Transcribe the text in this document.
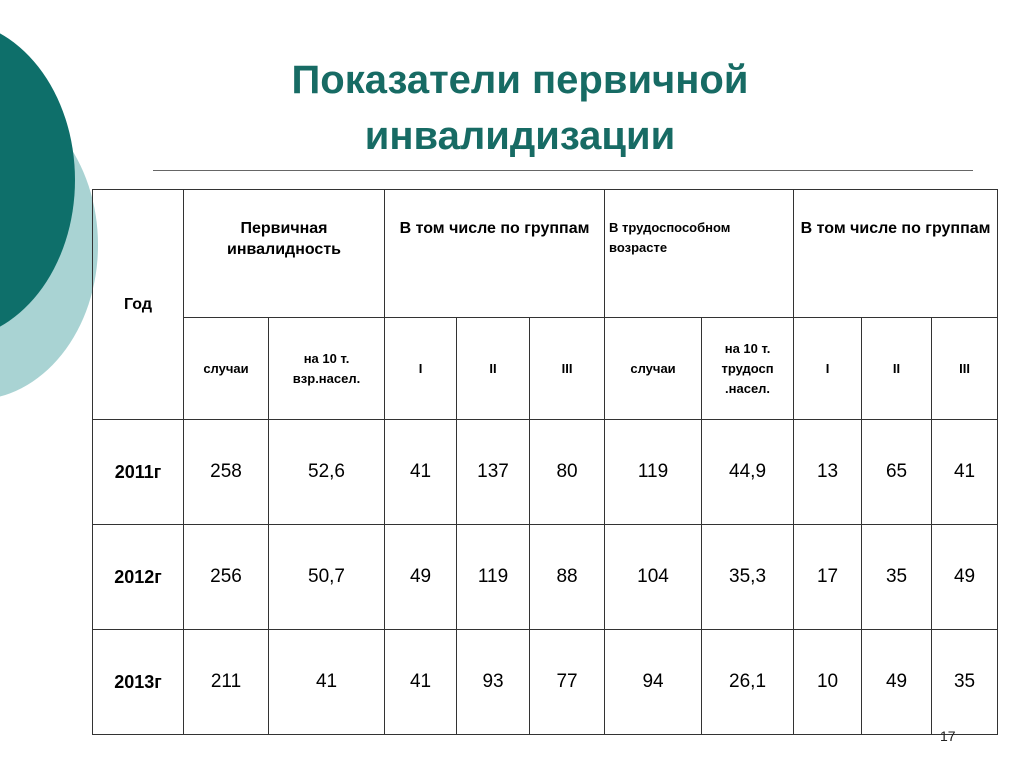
Показатели первичной инвалидизации
Год	Первичная инвалидность		В том числе по группам			В трудоспособном возрасте		В том числе по группам		
	случаи	на 10 т. взр.насел.	I	II	III	случаи	на 10 т. трудосп .насел.	I	II	III
2011г	258	52,6	41	137	80	119	44,9	13	65	41
2012г	256	50,7	49	119	88	104	35,3	17	35	49
2013г	211	41	41	93	77	94	26,1	10	49	35
17
